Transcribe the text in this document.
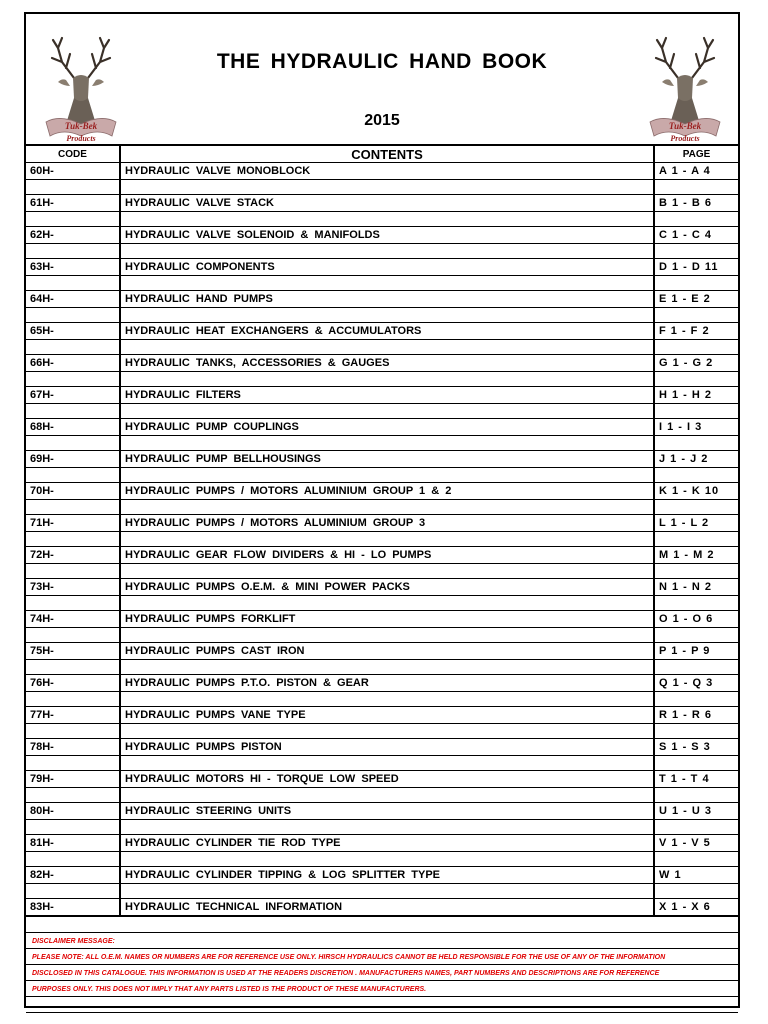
Tuk-Bek
Products
Tuk-Bek
Products
THE HYDRAULIC HAND BOOK
2015
CODE	CONTENTS	PAGE
60H-	HYDRAULIC VALVE MONOBLOCK	A 1 - A 4

61H-	HYDRAULIC VALVE STACK	B 1 - B 6

62H-	HYDRAULIC VALVE SOLENOID & MANIFOLDS	C 1 - C 4

63H-	HYDRAULIC COMPONENTS	D 1 - D 11

64H-	HYDRAULIC HAND PUMPS	E 1 - E 2

65H-	HYDRAULIC HEAT EXCHANGERS & ACCUMULATORS	F 1 - F 2

66H-	HYDRAULIC TANKS, ACCESSORIES & GAUGES	G 1 - G 2

67H-	HYDRAULIC FILTERS	H 1 - H 2

68H-	HYDRAULIC PUMP COUPLINGS	I 1 - I 3

69H-	HYDRAULIC PUMP BELLHOUSINGS	J 1 - J 2

70H-	HYDRAULIC PUMPS / MOTORS ALUMINIUM GROUP 1 & 2	K 1 - K 10

71H-	HYDRAULIC PUMPS / MOTORS ALUMINIUM GROUP 3	L 1 - L 2

72H-	HYDRAULIC GEAR FLOW DIVIDERS & HI - LO PUMPS	M 1 - M 2

73H-	HYDRAULIC PUMPS O.E.M. & MINI POWER PACKS	N 1 - N 2

74H-	HYDRAULIC PUMPS FORKLIFT	O 1 - O 6

75H-	HYDRAULIC PUMPS CAST IRON	P 1 - P 9

76H-	HYDRAULIC PUMPS P.T.O. PISTON & GEAR	Q 1 - Q 3

77H-	HYDRAULIC PUMPS VANE TYPE	R 1 - R 6

78H-	HYDRAULIC PUMPS PISTON	S 1 - S 3

79H-	HYDRAULIC MOTORS HI - TORQUE LOW SPEED	T 1 - T 4

80H-	HYDRAULIC STEERING UNITS	U 1 - U 3

81H-	HYDRAULIC CYLINDER TIE ROD TYPE	V 1 - V 5

82H-	HYDRAULIC CYLINDER TIPPING & LOG SPLITTER TYPE	W 1

83H-	HYDRAULIC TECHNICAL INFORMATION	X 1 - X 6
DISCLAIMER MESSAGE:
PLEASE NOTE: ALL O.E.M. NAMES OR NUMBERS ARE FOR REFERENCE USE ONLY. HIRSCH HYDRAULICS CANNOT BE HELD RESPONSIBLE FOR THE USE OF ANY OF THE INFORMATION
DISCLOSED IN THIS CATALOGUE. THIS INFORMATION IS USED AT THE READERS DISCRETION . MANUFACTURERS NAMES, PART NUMBERS AND DESCRIPTIONS ARE FOR REFERENCE
PURPOSES ONLY. THIS DOES NOT IMPLY THAT ANY PARTS LISTED IS THE PRODUCT OF THESE MANUFACTURERS.
